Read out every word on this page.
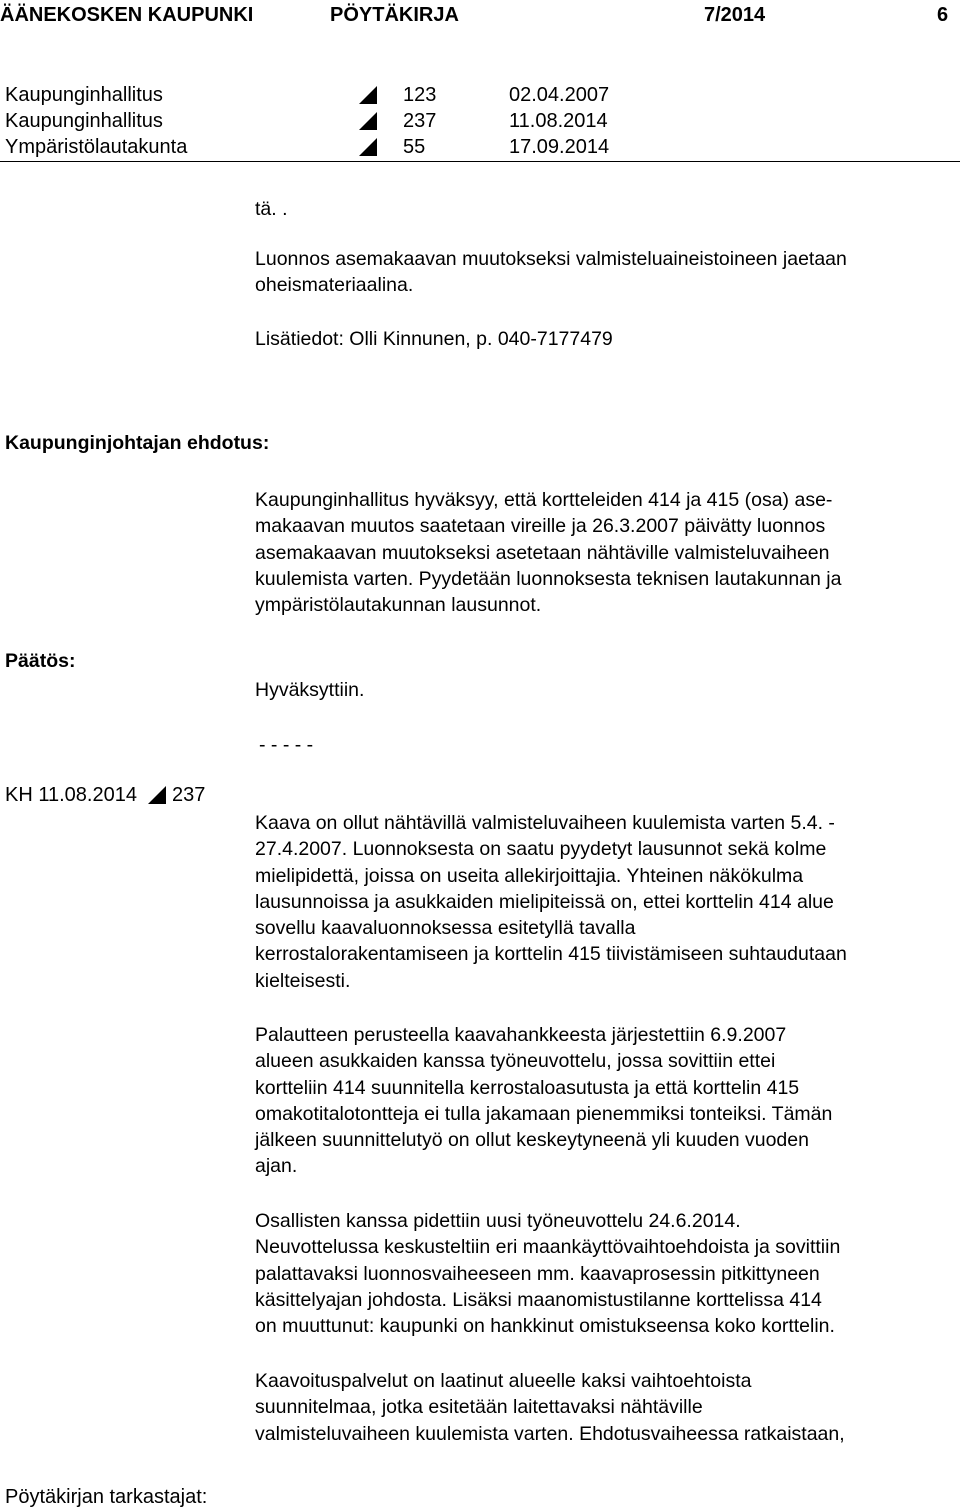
ÄÄNEKOSKEN KAUPUNKI	PÖYTÄKIRJA	7/2014	6
Kaupunginhallitus	123	02.04.2007
Kaupunginhallitus	237	11.08.2014
Ympäristölautakunta	55	17.09.2014
tä. .
Luonnos asemakaavan muutokseksi valmisteluaineistoineen jaetaan
oheismateriaalina.
Lisätiedot: Olli Kinnunen, p. 040-7177479
Kaupunginjohtajan ehdotus:
Kaupunginhallitus hyväksyy, että kortteleiden 414 ja 415 (osa) ase-
makaavan muutos saatetaan vireille ja 26.3.2007 päivätty luonnos
asemakaavan muutokseksi asetetaan nähtäville valmisteluvaiheen
kuulemista varten. Pyydetään luonnoksesta teknisen lautakunnan ja
ympäristölautakunnan lausunnot.
Päätös:
Hyväksyttiin.
- - - - -
KH 11.08.2014 237
Kaava on ollut nähtävillä valmisteluvaiheen kuulemista varten 5.4. -
27.4.2007. Luonnoksesta on saatu pyydetyt lausunnot sekä kolme
mielipidettä, joissa on useita allekirjoittajia. Yhteinen näkökulma
lausunnoissa ja asukkaiden mielipiteissä on, ettei korttelin 414 alue
sovellu kaavaluonnoksessa esitetyllä tavalla
kerrostalorakentamiseen ja korttelin 415 tiivistämiseen suhtaudutaan
kielteisesti.
Palautteen perusteella kaavahankkeesta järjestettiin 6.9.2007
alueen asukkaiden kanssa työneuvottelu, jossa sovittiin ettei
kortteliin 414 suunnitella kerrostaloasutusta ja että korttelin 415
omakotitalotontteja ei tulla jakamaan pienemmiksi tonteiksi. Tämän
jälkeen suunnittelutyö on ollut keskeytyneenä yli kuuden vuoden
ajan.
Osallisten kanssa pidettiin uusi työneuvottelu 24.6.2014.
Neuvottelussa keskusteltiin eri maankäyttövaihtoehdoista ja sovittiin
palattavaksi luonnosvaiheeseen mm. kaavaprosessin pitkittyneen
käsittelyajan johdosta. Lisäksi maanomistustilanne korttelissa 414
on muuttunut: kaupunki on hankkinut omistukseensa koko korttelin.
Kaavoituspalvelut on laatinut alueelle kaksi vaihtoehtoista
suunnitelmaa, jotka esitetään laitettavaksi nähtäville
valmisteluvaiheen kuulemista varten. Ehdotusvaiheessa ratkaistaan,
Pöytäkirjan tarkastajat:
